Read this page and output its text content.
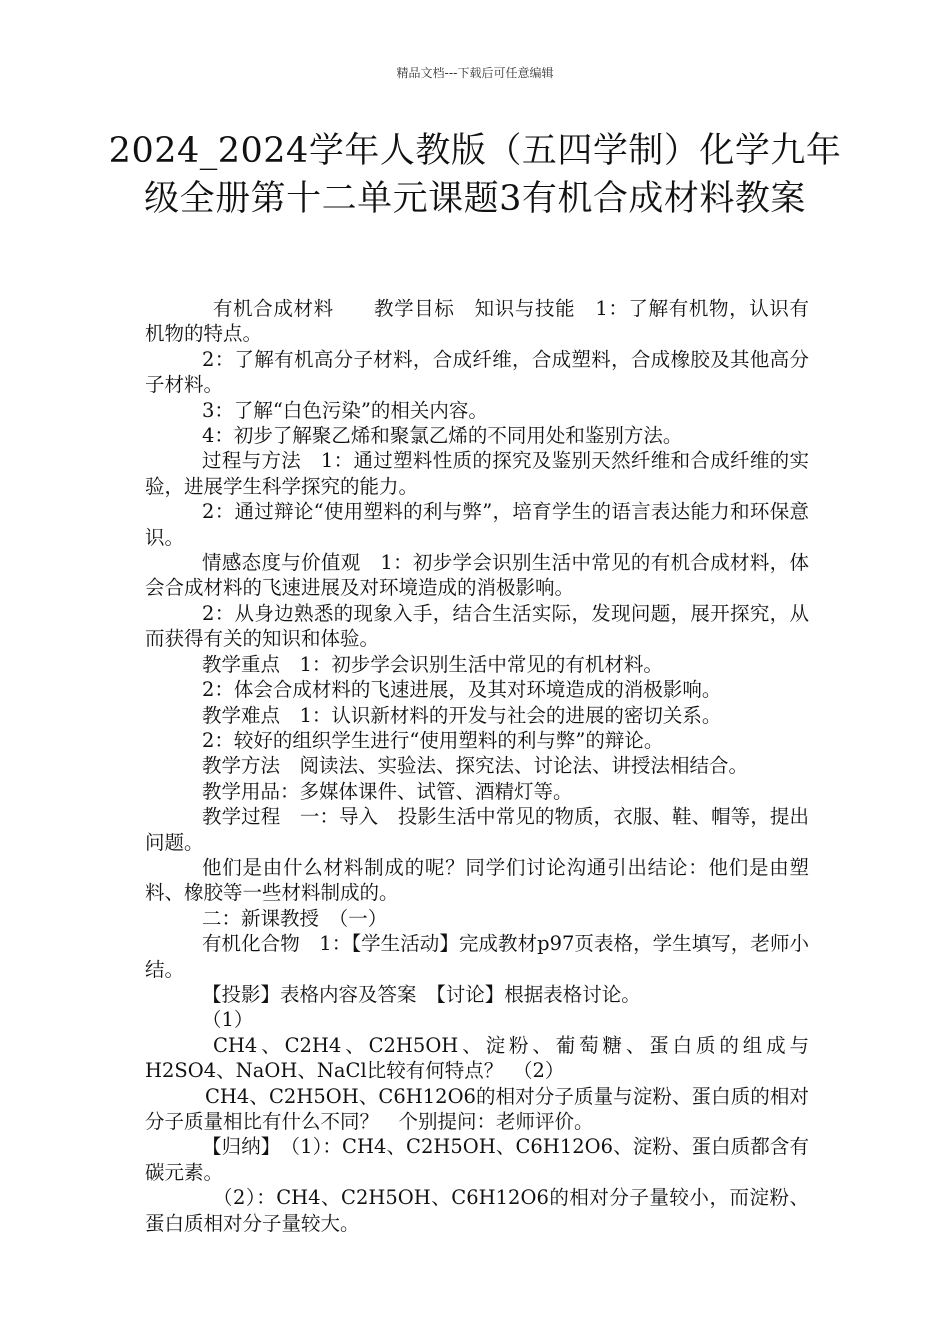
精品文档---下载后可任意编辑
2024_2024学年人教版（五四学制）化学九年级全册第十二单元课题3有机合成材料教案

有机合成材料　　教学目标　知识与技能　1：了解有机物，认识有机物的特点。

2：了解有机高分子材料，合成纤维，合成塑料，合成橡胶及其他高分子材料。

3：了解“白色污染”的相关内容。

4：初步了解聚乙烯和聚氯乙烯的不同用处和鉴别方法。

过程与方法　1：通过塑料性质的探究及鉴别天然纤维和合成纤维的实验，进展学生科学探究的能力。

2：通过辩论“使用塑料的利与弊”，培育学生的语言表达能力和环保意识。

情感态度与价值观　1：初步学会识别生活中常见的有机合成材料，体会合成材料的飞速进展及对环境造成的消极影响。

2：从身边熟悉的现象入手，结合生活实际，发现问题，展开探究，从而获得有关的知识和体验。

教学重点　1：初步学会识别生活中常见的有机材料。

2：体会合成材料的飞速进展，及其对环境造成的消极影响。

教学难点　1：认识新材料的开发与社会的进展的密切关系。

2：较好的组织学生进行“使用塑料的利与弊”的辩论。

教学方法　阅读法、实验法、探究法、讨论法、讲授法相结合。

教学用品：多媒体课件、试管、酒精灯等。

教学过程　一：导入　投影生活中常见的物质，衣服、鞋、帽等，提出问题。

他们是由什么材料制成的呢？同学们讨论沟通引出结论：他们是由塑料、橡胶等一些材料制成的。

二：新课教授　（一）

有机化合物　1：【学生活动】完成教材p97页表格，学生填写，老师小结。

【投影】表格内容及答案　【讨论】根据表格讨论。

（1）

CH4、C2H4、C2H5OH、淀粉、葡萄糖、蛋白质的组成与H2SO4、NaOH、NaCl比较有何特点？　（2）

CH4、C2H5OH、C6H12O6的相对分子质量与淀粉、蛋白质的相对分子质量相比有什么不同？　个别提问：老师评价。

【归纳】　（1）：CH4、C2H5OH、C6H12O6、淀粉、蛋白质都含有碳元素。

（2）：CH4、C2H5OH、C6H12O6的相对分子量较小，而淀粉、蛋白质相对分子量较大。
